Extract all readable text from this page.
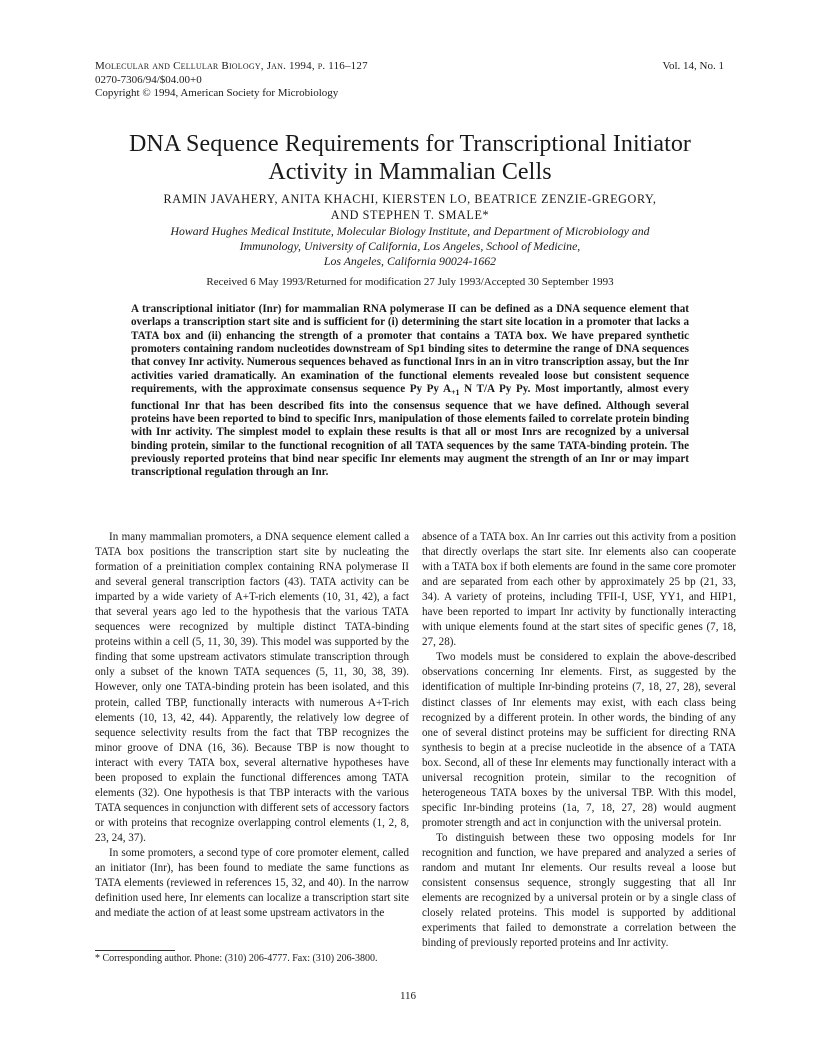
Molecular and Cellular Biology, Jan. 1994, p. 116–127
0270-7306/94/$04.00+0
Copyright © 1994, American Society for Microbiology
Vol. 14, No. 1
DNA Sequence Requirements for Transcriptional Initiator
Activity in Mammalian Cells

RAMIN JAVAHERY, ANITA KHACHI, KIERSTEN LO, BEATRICE ZENZIE-GREGORY,
AND STEPHEN T. SMALE*

Howard Hughes Medical Institute, Molecular Biology Institute, and Department of Microbiology and
Immunology, University of California, Los Angeles, School of Medicine,
Los Angeles, California 90024-1662

Received 6 May 1993/Returned for modification 27 July 1993/Accepted 30 September 1993

A transcriptional initiator (Inr) for mammalian RNA polymerase II can be defined as a DNA sequence element that overlaps a transcription start site and is sufficient for (i) determining the start site location in a promoter that lacks a TATA box and (ii) enhancing the strength of a promoter that contains a TATA box. We have prepared synthetic promoters containing random nucleotides downstream of Sp1 binding sites to determine the range of DNA sequences that convey Inr activity. Numerous sequences behaved as functional Inrs in an in vitro transcription assay, but the Inr activities varied dramatically. An examination of the functional elements revealed loose but consistent sequence requirements, with the approximate consensus sequence Py Py $A_{+1}$ N T/A Py Py. Most importantly, almost every functional Inr that has been described fits into the consensus sequence that we have defined. Although several proteins have been reported to bind to specific Inrs, manipulation of those elements failed to correlate protein binding with Inr activity. The simplest model to explain these results is that all or most Inrs are recognized by a universal binding protein, similar to the functional recognition of all TATA sequences by the same TATA-binding protein. The previously reported proteins that bind near specific Inr elements may augment the strength of an Inr or may impart transcriptional regulation through an Inr.

In many mammalian promoters, a DNA sequence element called a TATA box positions the transcription start site by nucleating the formation of a preinitiation complex containing RNA polymerase II and several general transcription factors (43). TATA activity can be imparted by a wide variety of A+T-rich elements (10, 31, 42), a fact that several years ago led to the hypothesis that the various TATA sequences were recognized by multiple distinct TATA-binding proteins within a cell (5, 11, 30, 39). This model was supported by the finding that some upstream activators stimulate transcription through only a subset of the known TATA sequences (5, 11, 30, 38, 39). However, only one TATA-binding protein has been isolated, and this protein, called TBP, functionally interacts with numerous A+T-rich elements (10, 13, 42, 44). Apparently, the relatively low degree of sequence selectivity results from the fact that TBP recognizes the minor groove of DNA (16, 36). Because TBP is now thought to interact with every TATA box, several alternative hypotheses have been proposed to explain the functional differences among TATA elements (32). One hypothesis is that TBP interacts with the various TATA sequences in conjunction with different sets of accessory factors or with proteins that recognize overlapping control elements (1, 2, 8, 23, 24, 37).

In some promoters, a second type of core promoter element, called an initiator (Inr), has been found to mediate the same functions as TATA elements (reviewed in references 15, 32, and 40). In the narrow definition used here, Inr elements can localize a transcription start site and mediate the action of at least some upstream activators in the

absence of a TATA box. An Inr carries out this activity from a position that directly overlaps the start site. Inr elements also can cooperate with a TATA box if both elements are found in the same core promoter and are separated from each other by approximately 25 bp (21, 33, 34). A variety of proteins, including TFII-I, USF, YY1, and HIP1, have been reported to impart Inr activity by functionally interacting with unique elements found at the start sites of specific genes (7, 18, 27, 28).

Two models must be considered to explain the above-described observations concerning Inr elements. First, as suggested by the identification of multiple Inr-binding proteins (7, 18, 27, 28), several distinct classes of Inr elements may exist, with each class being recognized by a different protein. In other words, the binding of any one of several distinct proteins may be sufficient for directing RNA synthesis to begin at a precise nucleotide in the absence of a TATA box. Second, all of these Inr elements may functionally interact with a universal recognition protein, similar to the recognition of heterogeneous TATA boxes by the universal TBP. With this model, specific Inr-binding proteins (1a, 7, 18, 27, 28) would augment promoter strength and act in conjunction with the universal protein.

To distinguish between these two opposing models for Inr recognition and function, we have prepared and analyzed a series of random and mutant Inr elements. Our results reveal a loose but consistent consensus sequence, strongly suggesting that all Inr elements are recognized by a universal protein or by a single class of closely related proteins. This model is supported by additional experiments that failed to demonstrate a correlation between the binding of previously reported proteins and Inr activity.

* Corresponding author. Phone: (310) 206-4777. Fax: (310) 206-3800.
116
